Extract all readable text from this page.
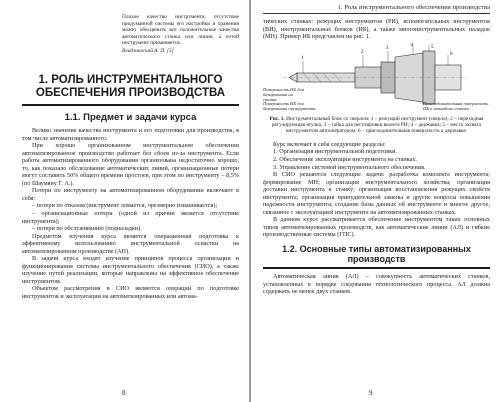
Плохое качество инструмента, отсутствие продуманной системы его настройки и хранения может обесценить все положительные качества автоматического станка или линии, а котой инструмент применяется.
Владзиевский А. П. [3]
1. РОЛЬ ИНСТРУМЕНТАЛЬНОГО ОБЕСПЕЧЕНИЯ ПРОИЗВОДСТВА
1.1. Предмет и задачи курса

Велико значение качества инструмента и его подготовки для производства, в том числе автоматизированного.

При хорошо организованном инструментальном обеспечении автоматизированное производство работает без сбоев из-за инструмента. Если работа автоматизированного оборудования организована недостаточно хорошо, то, как показало обследование автоматических линий, организационные потери могут составить 50% общего времени простоев, при этом по инструменту – 8,5% (по Шаумяну Г. А.).

Потери по инструменту на автоматизированном оборудовании включают в себя:

– потери по отказам (инструмент ломается, чрезмерно изнашивается);

– организационные потери (одной из причин является отсутствие инструмента);

– потери по обслуживанию (подналадки).

Предметом изучения курса является операционная подготовка к эффективному использованию инструментальной оснастки на автоматизированном производстве (АП).

В задачи курса входят изучение принципов процесса организации и функционирования системы инструментального обеспечения (СИО), а также изучение путей реализации, которые направлены на эффективное обеспечение инструментом.

Объектом рассмотрения в СИО являются операции по подготовке инструментов и эксплуатации на автоматизированных или автома-

8
1. Роль инструментального обеспечения производства
тических станках: режущих инструментов (РИ), вспомогательных инструментов (ВИ), инструментальных блоков (ИБ), а также многоинструментальных наладок (МН). Пример ИБ представлен на рис. 1.
1
2
3
4	5
6
Поверхность ИБ для базирования на станке
Поверхность ИБ для базирования инструмента
Присоединительная поверхность ИБ к шпинделю станка
Рис. 1. Инструментальный блок со сверлом: 1 – режущий инструмент (сверло); 2 – переходная регулирующая втулка; 3 – гайка для регулировки вылета РИ; 4 – державка; 5 – место захвата инструментом автооператором; 6 – присоединительная поверхность к державке.

Курс включает в себя следующие разделы:

1. Организация инструментальной подготовки.

2. Обеспечение эксплуатации инструмента на станках.

3. Управление системой инструментального обеспечения.

В СИО решаются следующие задачи: разработка комплекта инструмента; формирование МН; организация инструментального хозяйства; организация доставки инструмента к станку; организация восстановления режущих свойств инструмента; организация принудительной замены и другие вопросы повышения надежности инструмента; создание базы данных об инструменте и многое другое, связанное с эксплуатацией инструмента на автоматизированных станках.

В данном курсе рассматривается обеспечение инструментом таких основных типов автоматизированных производств, как автоматические линии (АЛ) и гибкие производственные системы (ГПС).

1.2. Основные типы автоматизированных производств

Автоматическая линия (АЛ) – совокупность автоматических станков, установленных в порядке следования технологического процесса. АЛ должна содержать не менее двух станков.

9
